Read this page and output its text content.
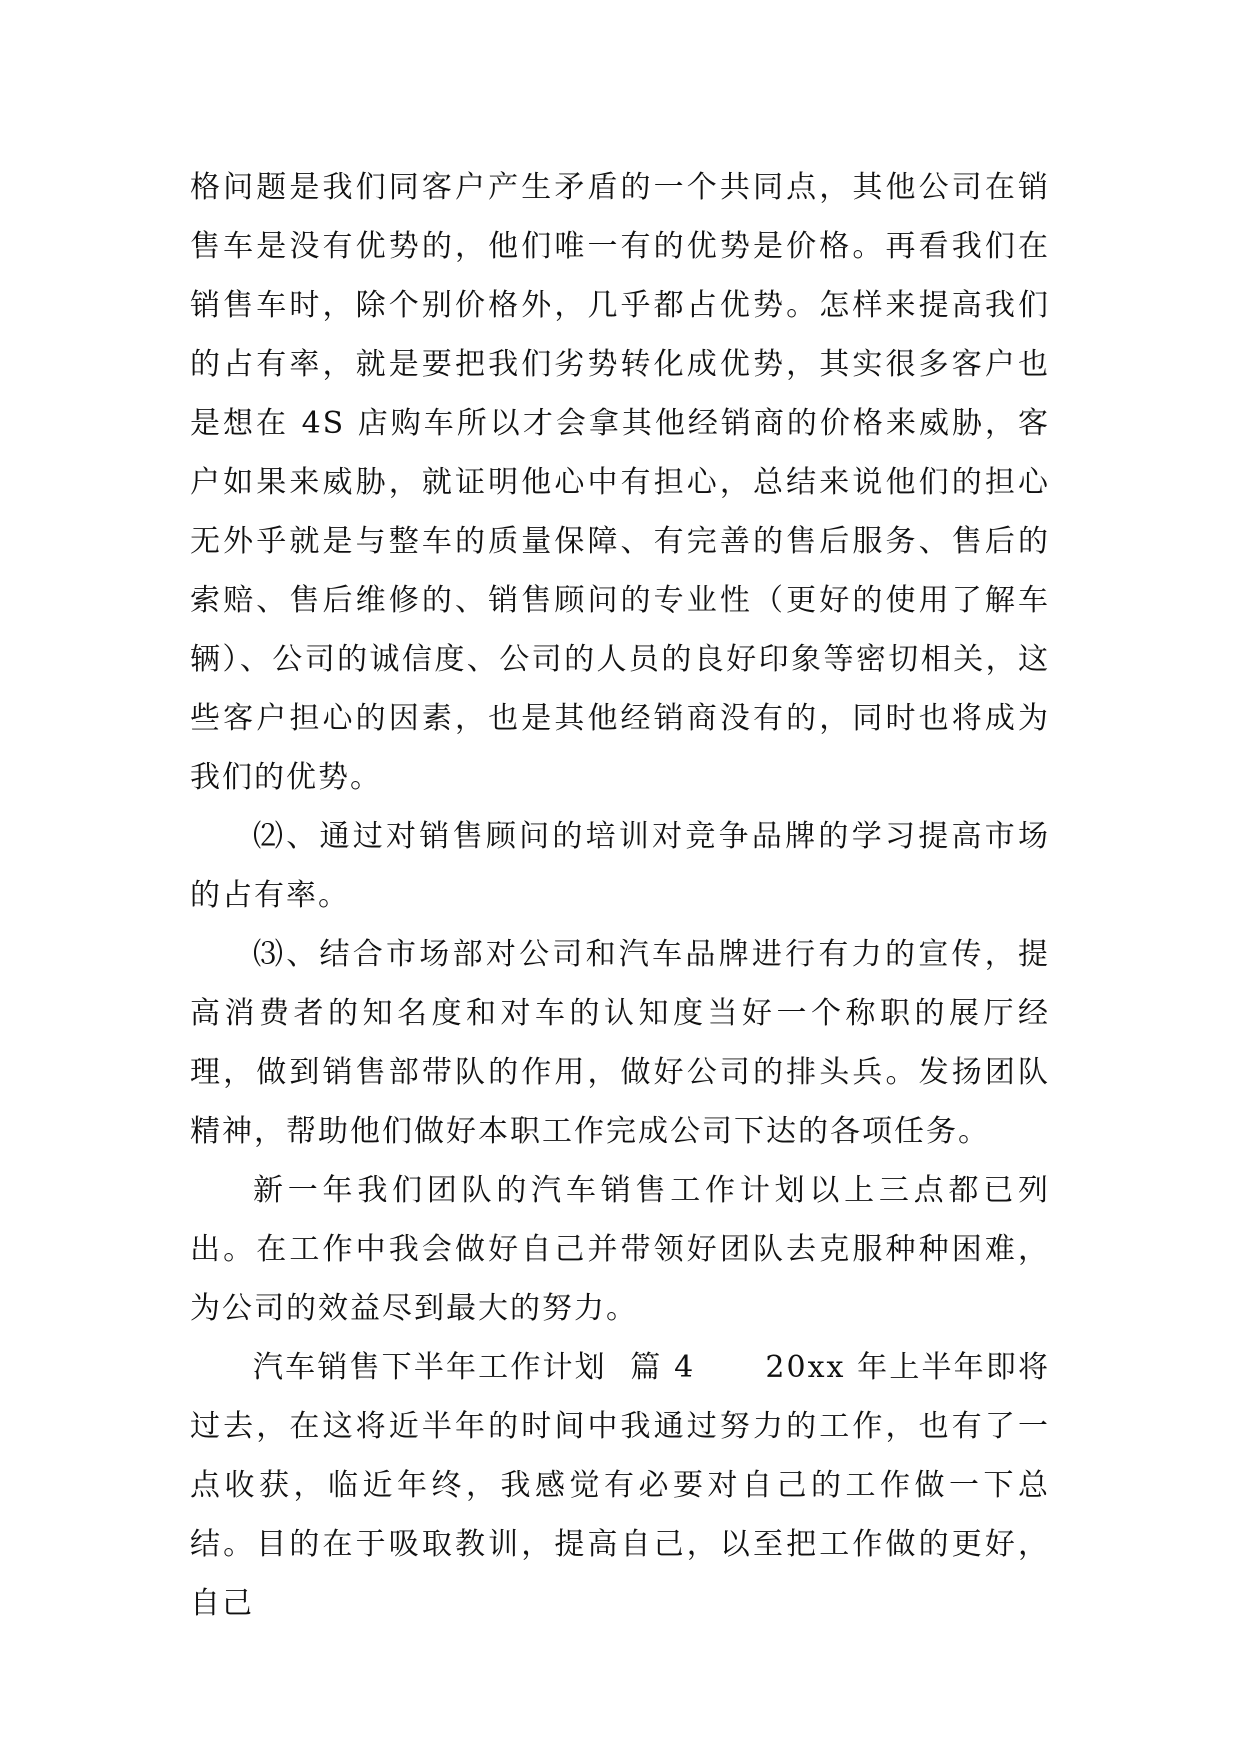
格问题是我们同客户产生矛盾的一个共同点，其他公司在销售车是没有优势的，他们唯一有的优势是价格。再看我们在销售车时，除个别价格外，几乎都占优势。怎样来提高我们的占有率，就是要把我们劣势转化成优势，其实很多客户也是想在 4S 店购车所以才会拿其他经销商的价格来威胁，客户如果来威胁，就证明他心中有担心，总结来说他们的担心无外乎就是与整车的质量保障、有完善的售后服务、售后的索赔、售后维修的、销售顾问的专业性（更好的使用了解车辆）、公司的诚信度、公司的人员的良好印象等密切相关，这些客户担心的因素，也是其他经销商没有的，同时也将成为我们的优势。

⑵、通过对销售顾问的培训对竞争品牌的学习提高市场的占有率。

⑶、结合市场部对公司和汽车品牌进行有力的宣传，提高消费者的知名度和对车的认知度当好一个称职的展厅经理，做到销售部带队的作用，做好公司的排头兵。发扬团队精神，帮助他们做好本职工作完成公司下达的各项任务。

新一年我们团队的汽车销售工作计划以上三点都已列出。在工作中我会做好自己并带领好团队去克服种种困难，为公司的效益尽到最大的努力。

汽车销售下半年工作计划  篇 4      20xx 年上半年即将过去，在这将近半年的时间中我通过努力的工作，也有了一点收获，临近年终，我感觉有必要对自己的工作做一下总结。目的在于吸取教训，提高自己，以至把工作做的更好，自己
